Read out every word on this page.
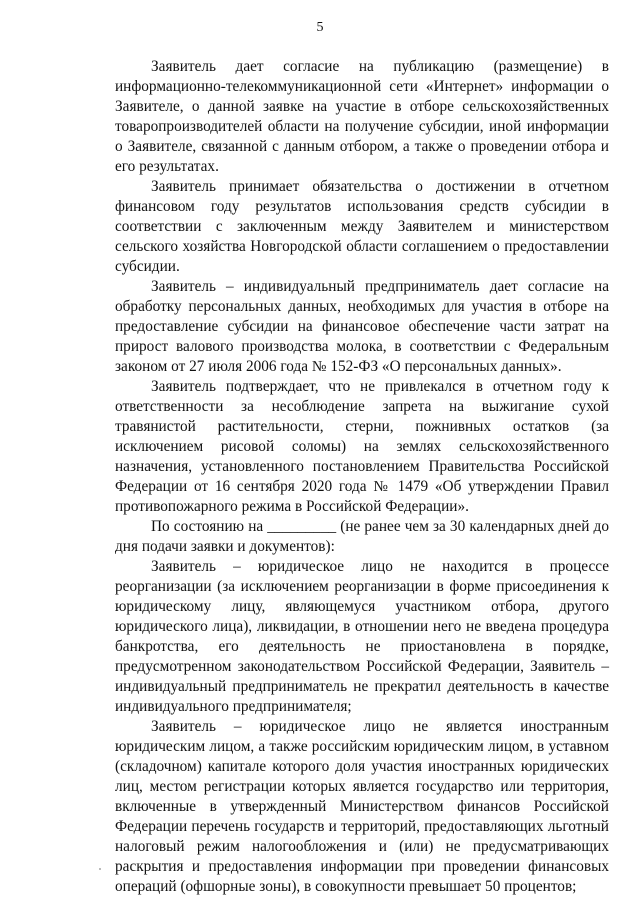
5

Заявитель дает согласие на публикацию (размещение) в информационно-телекоммуникационной сети «Интернет» информации о Заявителе, о данной заявке на участие в отборе сельскохозяйственных товаропроизводителей области на получение субсидии, иной информации о Заявителе, связанной с данным отбором, а также о проведении отбора и его результатах.

Заявитель принимает обязательства о достижении в отчетном финансовом году результатов использования средств субсидии в соответствии с заключенным между Заявителем и министерством сельского хозяйства Новгородской области соглашением о предоставлении субсидии.

Заявитель – индивидуальный предприниматель дает согласие на обработку персональных данных, необходимых для участия в отборе на предоставление субсидии на финансовое обеспечение части затрат на прирост валового производства молока, в соответствии с Федеральным законом от 27 июля 2006 года № 152-ФЗ «О персональных данных».

Заявитель подтверждает, что не привлекался в отчетном году к ответственности за несоблюдение запрета на выжигание сухой травянистой растительности, стерни, пожнивных остатков (за исключением рисовой соломы) на землях сельскохозяйственного назначения, установленного постановлением Правительства Российской Федерации от 16 сентября 2020 года № 1479 «Об утверждении Правил противопожарного режима в Российской Федерации».

По состоянию на _________ (не ранее чем за 30 календарных дней до дня подачи заявки и документов):

Заявитель – юридическое лицо не находится в процессе реорганизации (за исключением реорганизации в форме присоединения к юридическому лицу, являющемуся участником отбора, другого юридического лица), ликвидации, в отношении него не введена процедура банкротства, его деятельность не приостановлена в порядке, предусмотренном законодательством Российской Федерации, Заявитель – индивидуальный предприниматель не прекратил деятельность в качестве индивидуального предпринимателя;

Заявитель – юридическое лицо не является иностранным юридическим лицом, а также российским юридическим лицом, в уставном (складочном) капитале которого доля участия иностранных юридических лиц, местом регистрации которых является государство или территория, включенные в утвержденный Министерством финансов Российской Федерации перечень государств и территорий, предоставляющих льготный налоговый режим налогообложения и (или) не предусматривающих раскрытия и предоставления информации при проведении финансовых операций (офшорные зоны), в совокупности превышает 50 процентов;
